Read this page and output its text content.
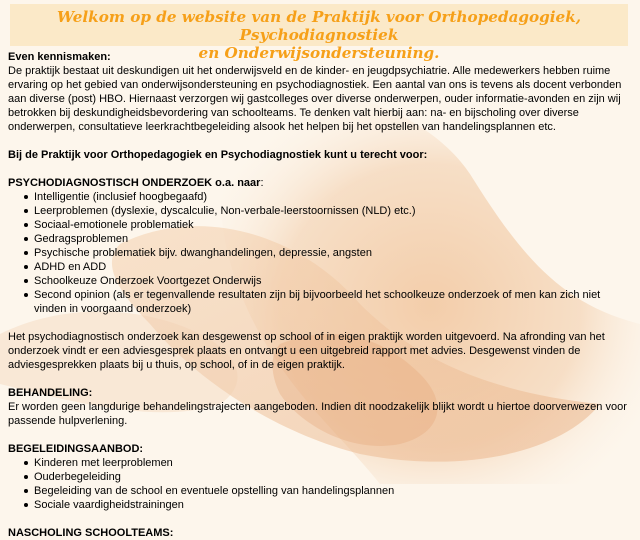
Welkom op de website van de Praktijk voor Orthopedagogiek, Psychodiagnostiek
en Onderwijsondersteuning.

Even kennismaken:

De praktijk bestaat uit deskundigen uit het onderwijsveld en de kinder- en jeugdpsychiatrie. Alle medewerkers hebben ruime ervaring op het gebied van onderwijsondersteuning en psychodiagnostiek. Een aantal van ons is tevens als docent verbonden aan diverse (post) HBO. Hiernaast verzorgen wij gastcolleges over diverse onderwerpen, ouder informatie-avonden en zijn wij betrokken bij deskundigheidsbevordering van schoolteams. Te denken valt hierbij aan: na- en bijscholing over diverse onderwerpen, consultatieve leerkrachtbegeleiding alsook het helpen bij het opstellen van handelingsplannen etc.

Bij de Praktijk voor Orthopedagogiek en Psychodiagnostiek kunt u terecht voor:

PSYCHODIAGNOSTISCH ONDERZOEK o.a. naar:

Intelligentie (inclusief hoogbegaafd)
Leerproblemen (dyslexie, dyscalculie, Non-verbale-leerstoornissen (NLD) etc.)
Sociaal-emotionele problematiek
Gedragsproblemen
Psychische problematiek bijv. dwanghandelingen, depressie, angsten
ADHD en ADD
Schoolkeuze Onderzoek Voortgezet Onderwijs
Second opinion (als er tegenvallende resultaten zijn bij bijvoorbeeld het schoolkeuze onderzoek of men kan zich niet vinden in voorgaand onderzoek)

Het psychodiagnostisch onderzoek kan desgewenst op school of in eigen praktijk worden uitgevoerd. Na afronding van het onderzoek vindt er een adviesgesprek plaats en ontvangt u een uitgebreid rapport met advies. Desgewenst vinden de adviesgesprekken plaats bij u thuis, op school, of in de eigen praktijk.

BEHANDELING:

Er worden geen langdurige behandelingstrajecten aangeboden. Indien dit noodzakelijk blijkt wordt u hiertoe doorverwezen voor passende hulpverlening.

BEGELEIDINGSAANBOD:

Kinderen met leerproblemen
Ouderbegeleiding
Begeleiding van de school en eventuele opstelling van handelingsplannen
Sociale vaardigheidstrainingen

NASCHOLING SCHOOLTEAMS:
